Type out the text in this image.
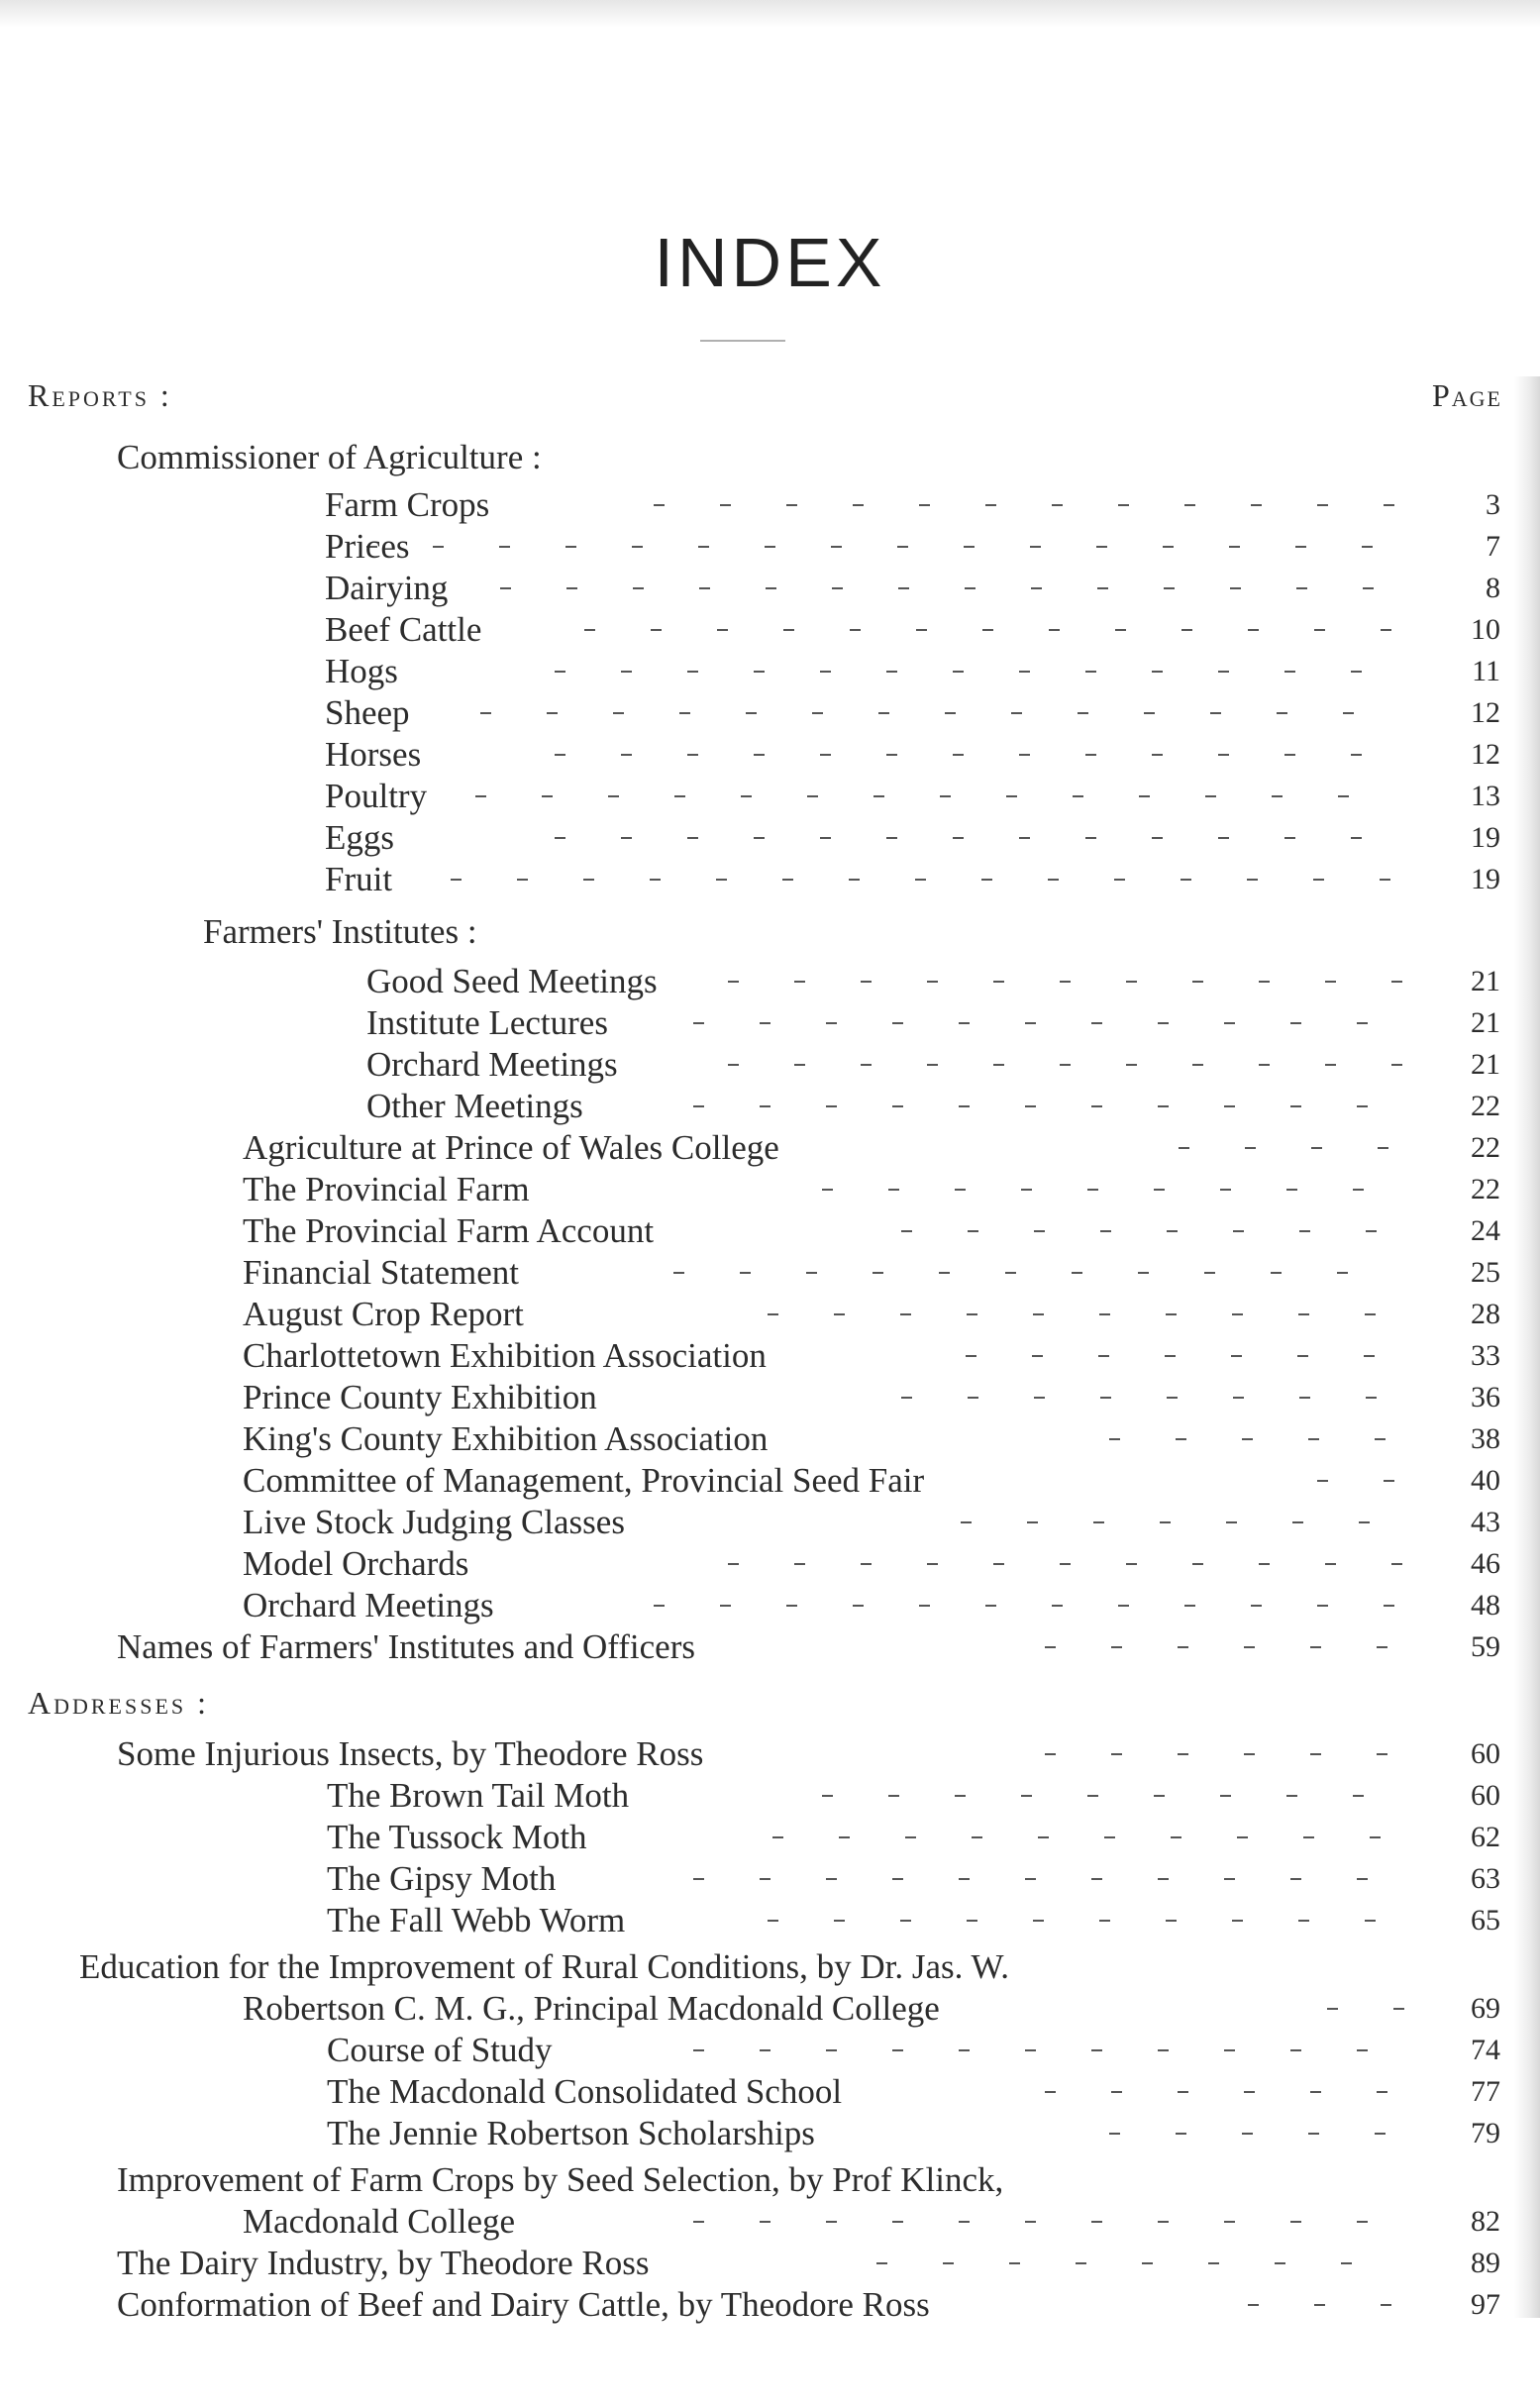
INDEX
Reports :	Page
Commissioner of Agriculture :
Farm Crops	3
Prices	7
Dairying	8
Beef Cattle	10
Hogs	11
Sheep	12
Horses	12
Poultry	13
Eggs	19
Fruit	19
Farmers' Institutes :
Good Seed Meetings	21
Institute Lectures	21
Orchard Meetings	21
Other Meetings	22
Agriculture at Prince of Wales College	22
The Provincial Farm	22
The Provincial Farm Account	24
Financial Statement	25
August Crop Report	28
Charlottetown Exhibition Association	33
Prince County Exhibition	36
King's County Exhibition Association	38
Committee of Management, Provincial Seed Fair	40
Live Stock Judging Classes	43
Model Orchards	46
Orchard Meetings	48
Names of Farmers' Institutes and Officers	59
Some Injurious Insects, by Theodore Ross	60
The Brown Tail Moth	60
The Tussock Moth	62
The Gipsy Moth	63
The Fall Webb Worm	65
Education for the Improvement of Rural Conditions, by Dr. Jas. W.
Robertson C. M. G., Principal Macdonald College	69
Course of Study	74
The Macdonald Consolidated School	77
The Jennie Robertson Scholarships	79
Improvement of Farm Crops by Seed Selection, by Prof Klinck,
Macdonald College	82
The Dairy Industry, by Theodore Ross	89
Conformation of Beef and Dairy Cattle, by Theodore Ross	97
Addresses :
